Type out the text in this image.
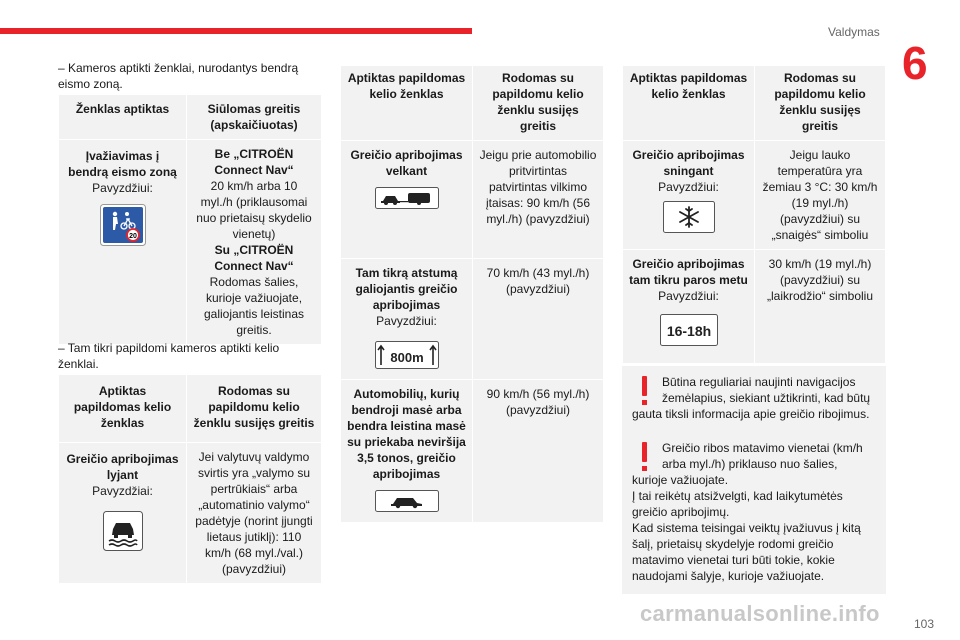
Valdymas
6
– Kameros aptikti ženklai, nurodantys bendrą eismo zoną.
Ženklas aptiktas	Siūlomas greitis (apskaičiuotas)

Įvažiavimas į bendrą eismo zoną
Pavyzdžiui:
20	Be „CITROËN Connect Nav“
20 km/h arba 10 myl./h (priklausomai nuo prietaisų skydelio vienetų)
Su „CITROËN Connect Nav“
Rodomas šalies, kurioje važiuojate, galiojantis leistinas greitis.
– Tam tikri papildomi kameros aptikti kelio ženklai.
Aptiktas papildomas kelio ženklas	Rodomas su papildomu kelio ženklu susijęs greitis

Greičio apribojimas lyjant
Pavyzdžiai:	Jei valytuvų valdymo svirtis yra „valymo su pertrūkiais“ arba „automatinio valymo“ padėtyje (norint įjungti lietaus jutiklį): 110 km/h (68 myl./val.) (pavyzdžiui)
Aptiktas papildomas kelio ženklas	Rodomas su papildomu kelio ženklu susijęs greitis

Greičio apribojimas velkant	Jeigu prie automobilio pritvirtintas patvirtintas vilkimo įtaisas: 90 km/h (56 myl./h) (pavyzdžiui)

Tam tikrą atstumą galiojantis greičio apribojimas
Pavyzdžiui:
800m	70 km/h (43 myl./h) (pavyzdžiui)

Automobilių, kurių bendroji masė arba bendra leistina masė su priekaba neviršija 3,5 tonos, greičio apribojimas	90 km/h (56 myl./h) (pavyzdžiui)
Aptiktas papildomas kelio ženklas	Rodomas su papildomu kelio ženklu susijęs greitis

Greičio apribojimas sningant
Pavyzdžiui:	Jeigu lauko temperatūra yra žemiau 3 °C: 30 km/h (19 myl./h) (pavyzdžiui) su „snaigės“ simboliu

Greičio apribojimas tam tikru paros metu
Pavyzdžiui:
16-18h	30 km/h (19 myl./h) (pavyzdžiui) su „laikrodžio“ simboliu

Būtina reguliariai naujinti navigacijos žemėlapius, siekiant užtikrinti, kad būtų gauta tiksli informacija apie greičio ribojimus.

Greičio ribos matavimo vienetai (km/h arba myl./h) priklauso nuo šalies, kurioje važiuojate.

Į tai reikėtų atsižvelgti, kad laikytumėtės greičio apribojimų.

Kad sistema teisingai veiktų įvažiuvus į kitą šalį, prietaisų skydelyje rodomi greičio matavimo vienetai turi būti tokie, kokie naudojami šalyje, kurioje važiuojate.

103
carmanualsonline.info
